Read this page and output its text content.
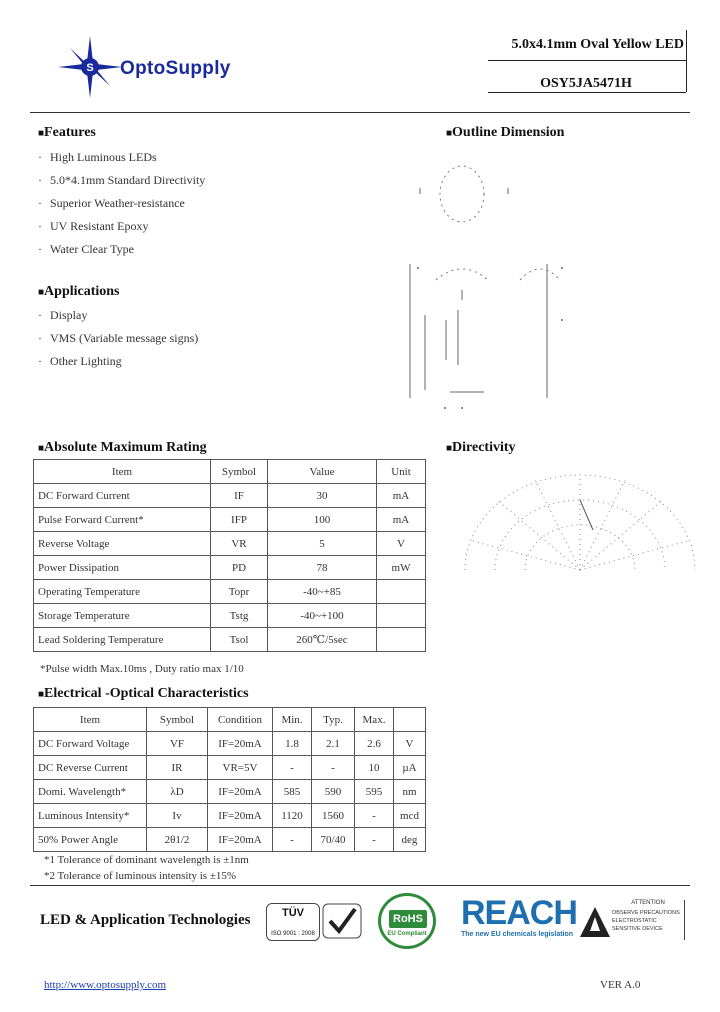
S OptoSupply
5.0x4.1mm Oval Yellow LED
OSY5JA5471H
■Features
· High Luminous LEDs
· 5.0*4.1mm Standard Directivity
· Superior Weather-resistance
· UV Resistant Epoxy
· Water Clear Type
■Applications
· Display
· VMS (Variable message signs)
· Other Lighting
■Outline Dimension
■Directivity
■Absolute Maximum Rating
Item	Symbol	Value	Unit
DC Forward Current	IF	30	mA
Pulse Forward Current*	IFP	100	mA
Reverse Voltage	VR	5	V
Power Dissipation	PD	78	mW
Operating Temperature	Topr	-40~+85	
Storage Temperature	Tstg	-40~+100	
Lead Soldering Temperature	Tsol	260℃/5sec	
*Pulse width Max.10ms , Duty ratio max 1/10
■Electrical -Optical Characteristics
Item	Symbol	Condition	Min.	Typ.	Max.	
DC Forward Voltage	VF	IF=20mA	1.8	2.1	2.6	V
DC Reverse Current	IR	VR=5V	-	-	10	µA
Domi. Wavelength*	λD	IF=20mA	585	590	595	nm
Luminous Intensity*	Iv	IF=20mA	1120	1560	-	mcd
50% Power Angle	2θ1/2	IF=20mA	-	70/40	-	deg
*1 Tolerance of dominant wavelength is ±1nm
*2 Tolerance of luminous intensity is ±15%
LED & Application Technologies	TÜV
ISO 9001 : 2008
RoHS
EU Compliant
REACH
The new EU chemicals legislation
ATTENTION
OBSERVE PRECAUTIONS ELECTROSTATIC SENSITIVE DEVICE
http://www.optosupply.com	VER A.0
